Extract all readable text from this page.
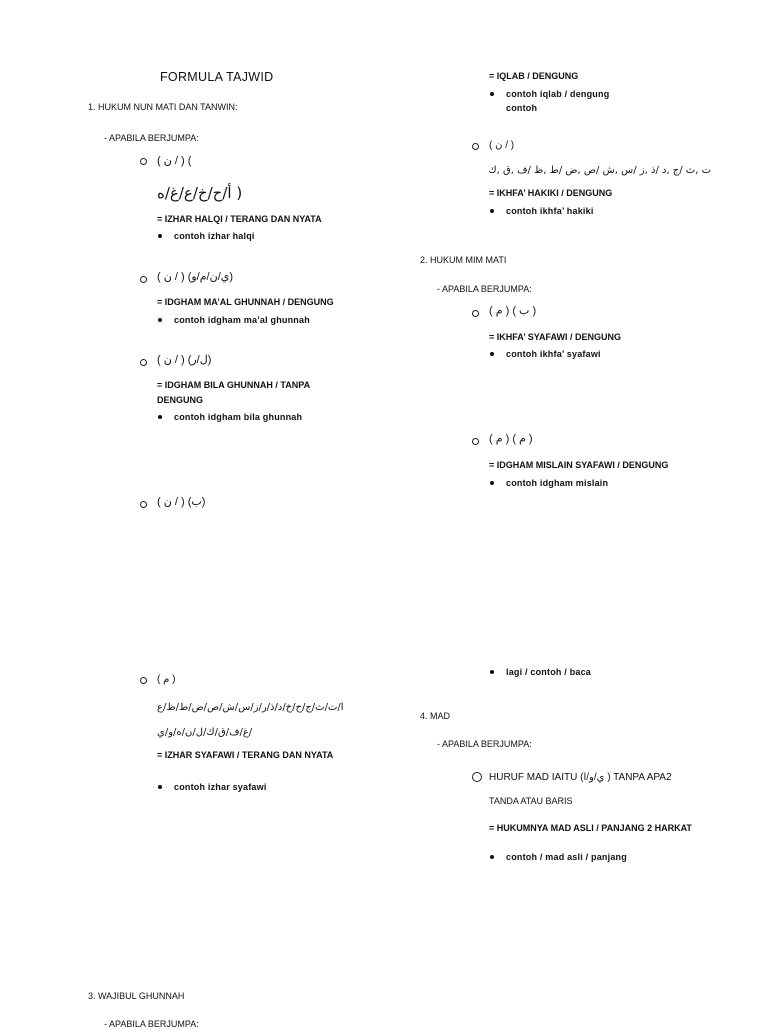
FORMULA TAJWID
1. HUKUM NUN MATI DAN TANWIN:
- APABILA BERJUMPA:
( ن / ) (
( أ/ح/خ/ع/غ/ه
= IZHAR HALQI / TERANG DAN NYATA
contoh izhar halqi
( ن / ) (ي/ن/م/و)
= IDGHAM MA’AL GHUNNAH / DENGUNG
contoh idgham ma’al ghunnah
( ن / ) (ل/ر)
= IDGHAM BILA GHUNNAH / TANPA
DENGUNG
contoh idgham bila ghunnah
( ن / ) (ب)
( م )
ا/ت/ث/ج/ح/خ/د/ذ/ر/ز/س/ش/ص/ض/ط/ظ/ع
/غ/ف/ق/ك/ل/ن/ه/و/ي
= IZHAR SYAFAWI / TERANG DAN NYATA
contoh izhar syafawi
3. WAJIBUL GHUNNAH
- APABILA BERJUMPA:
= IQLAB / DENGUNG
contoh iqlab / dengung
contoh
( ن / )
ت ,ث /ج ,د /ذ ,ز /س ,ش /ص ,ض /ط ,ظ /ف ,ق ,ك
= IKHFA’ HAKIKI / DENGUNG
contoh ikhfa’ hakiki
2. HUKUM MIM MATI
- APABILA BERJUMPA:
( م ) ( ب )
= IKHFA’ SYAFAWI / DENGUNG
contoh ikhfa’ syafawi
( م ) ( م )
= IDGHAM MISLAIN SYAFAWI / DENGUNG
contoh idgham mislain
lagi / contoh / baca
4. MAD
- APABILA BERJUMPA:
HURUF MAD IAITU (ي/و/ا ) TANPA APA2
TANDA ATAU BARIS
= HUKUMNYA MAD ASLI / PANJANG 2 HARKAT
contoh / mad asli / panjang
